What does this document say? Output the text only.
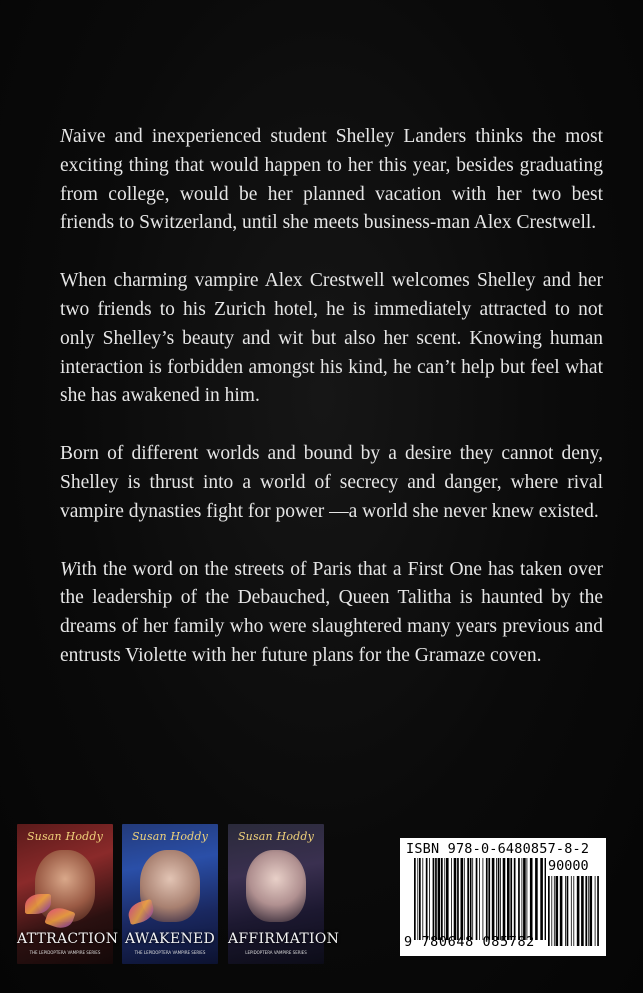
Naive and inexperienced student Shelley Landers thinks the most exciting thing that would happen to her this year, besides graduating from college, would be her planned vacation with her two best friends to Switzerland, until she meets business-man Alex Crestwell.

When charming vampire Alex Crestwell welcomes Shelley and her two friends to his Zurich hotel, he is immediately attracted to not only Shelley’s beauty and wit but also her scent. Knowing human interaction is forbidden amongst his kind, he can’t help but feel what she has awakened in him.

Born of different worlds and bound by a desire they cannot deny, Shelley is thrust into a world of secrecy and danger, where rival vampire dynasties fight for power —a world she never knew existed.

With the word on the streets of Paris that a First One has taken over the leadership of the Debauched, Queen Talitha is haunted by the dreams of her family who were slaughtered many years previous and entrusts Violette with her future plans for the Gramaze coven.

Susan Hoddy
ATTRACTION
THE LEPIDOPTERA VAMPIRE SERIES
Susan Hoddy
AWAKENED
THE LEPIDOPTERA VAMPIRE SERIES
Susan Hoddy
AFFIRMATION
LEPIDOPTERA VAMPIRE SERIES
ISBN 978-0-6480857-8-2
90000
9 780648 085782
